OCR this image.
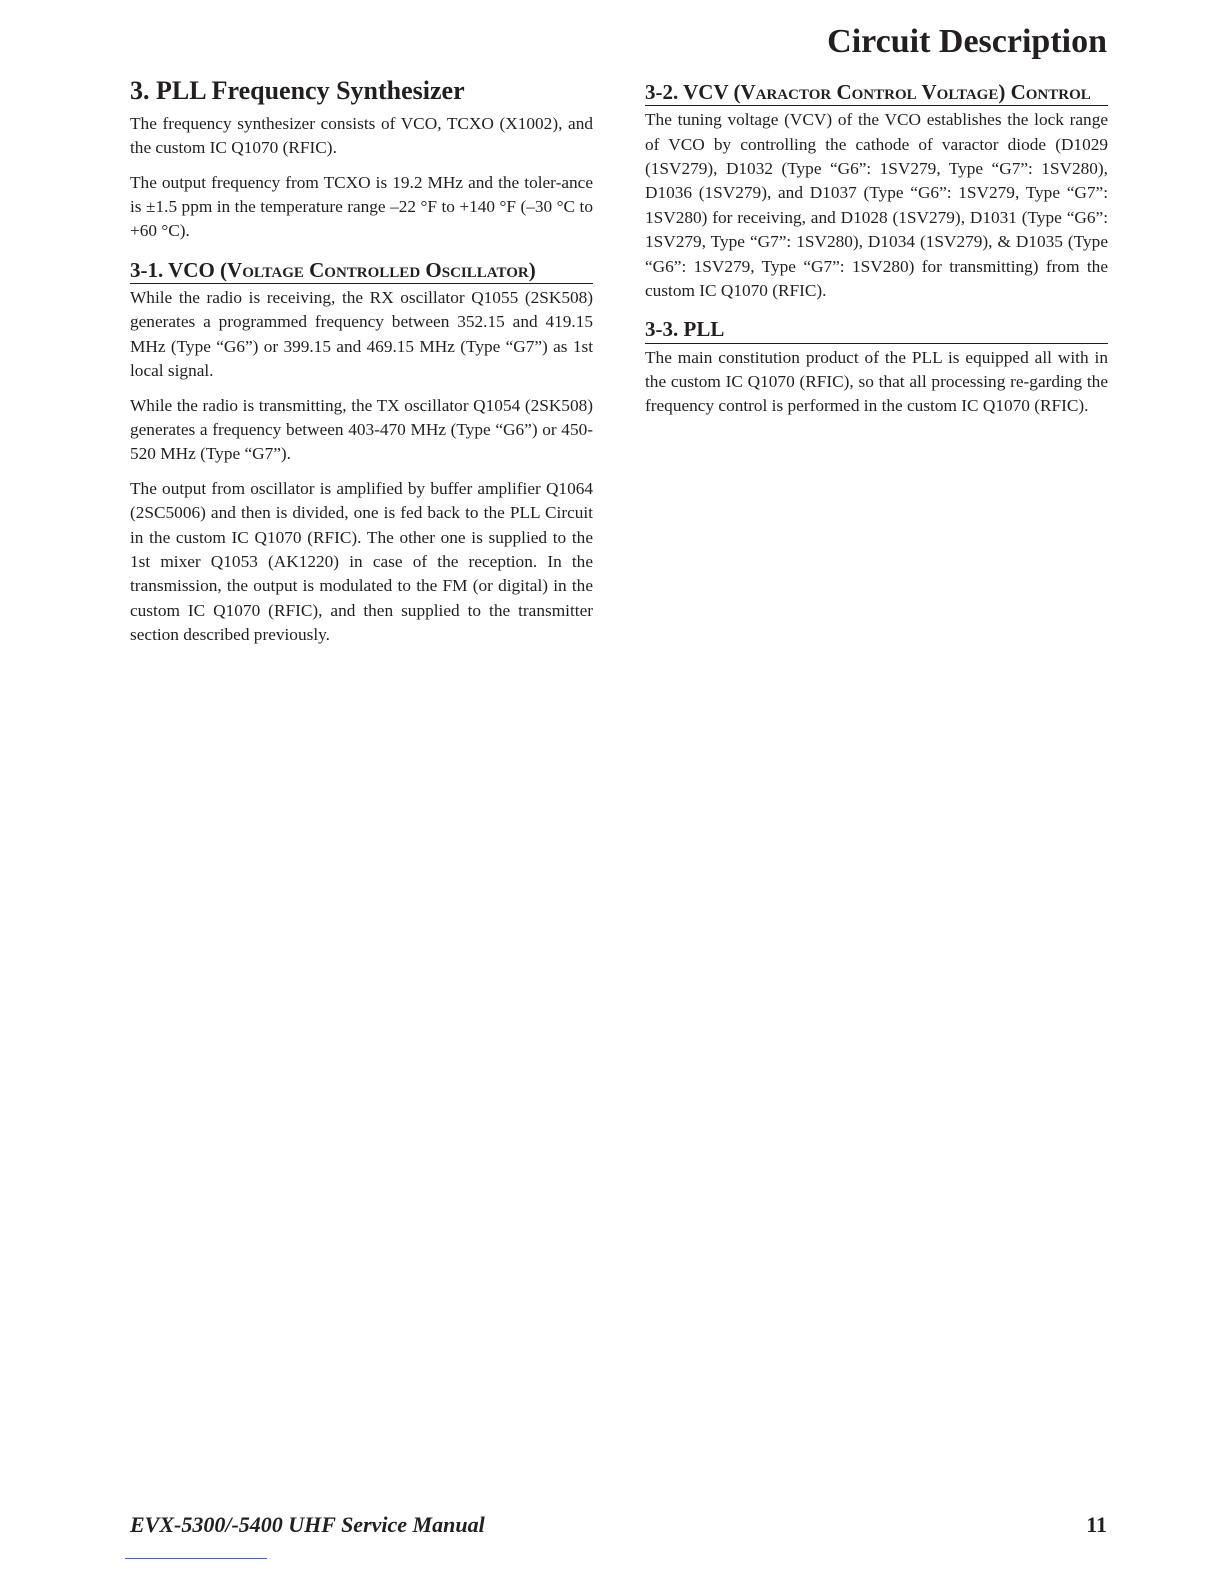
Circuit Description
3. PLL Frequency Synthesizer

The frequency synthesizer consists of VCO, TCXO (X1002), and the custom IC Q1070 (RFIC).

The output frequency from TCXO is 19.2 MHz and the toler-ance is ±1.5 ppm in the temperature range –22 °F to +140 °F (–30 °C to +60 °C).

3-1. VCO (Voltage Controlled Oscillator)

While the radio is receiving, the RX oscillator Q1055 (2SK508) generates a programmed frequency between 352.15 and 419.15 MHz (Type “G6”) or 399.15 and 469.15 MHz (Type “G7”) as 1st local signal.

While the radio is transmitting, the TX oscillator Q1054 (2SK508) generates a frequency between 403-470 MHz (Type “G6”) or 450-520 MHz (Type “G7”).

The output from oscillator is amplified by buffer amplifier Q1064 (2SC5006) and then is divided, one is fed back to the PLL Circuit in the custom IC Q1070 (RFIC). The other one is supplied to the 1st mixer Q1053 (AK1220) in case of the reception. In the transmission, the output is modulated to the FM (or digital) in the custom IC Q1070 (RFIC), and then supplied to the transmitter section described previously.

3-2. VCV (Varactor Control Voltage) Control

The tuning voltage (VCV) of the VCO establishes the lock range of VCO by controlling the cathode of varactor diode (D1029 (1SV279), D1032 (Type “G6”: 1SV279, Type “G7”: 1SV280), D1036 (1SV279), and D1037 (Type “G6”: 1SV279, Type “G7”: 1SV280) for receiving, and D1028 (1SV279), D1031 (Type “G6”: 1SV279, Type “G7”: 1SV280), D1034 (1SV279), & D1035 (Type “G6”: 1SV279, Type “G7”: 1SV280) for transmitting) from the custom IC Q1070 (RFIC).

3-3. PLL

The main constitution product of the PLL is equipped all with in the custom IC Q1070 (RFIC), so that all processing re-garding the frequency control is performed in the custom IC Q1070 (RFIC).

EVX-5300/-5400 UHF Service Manual	11
